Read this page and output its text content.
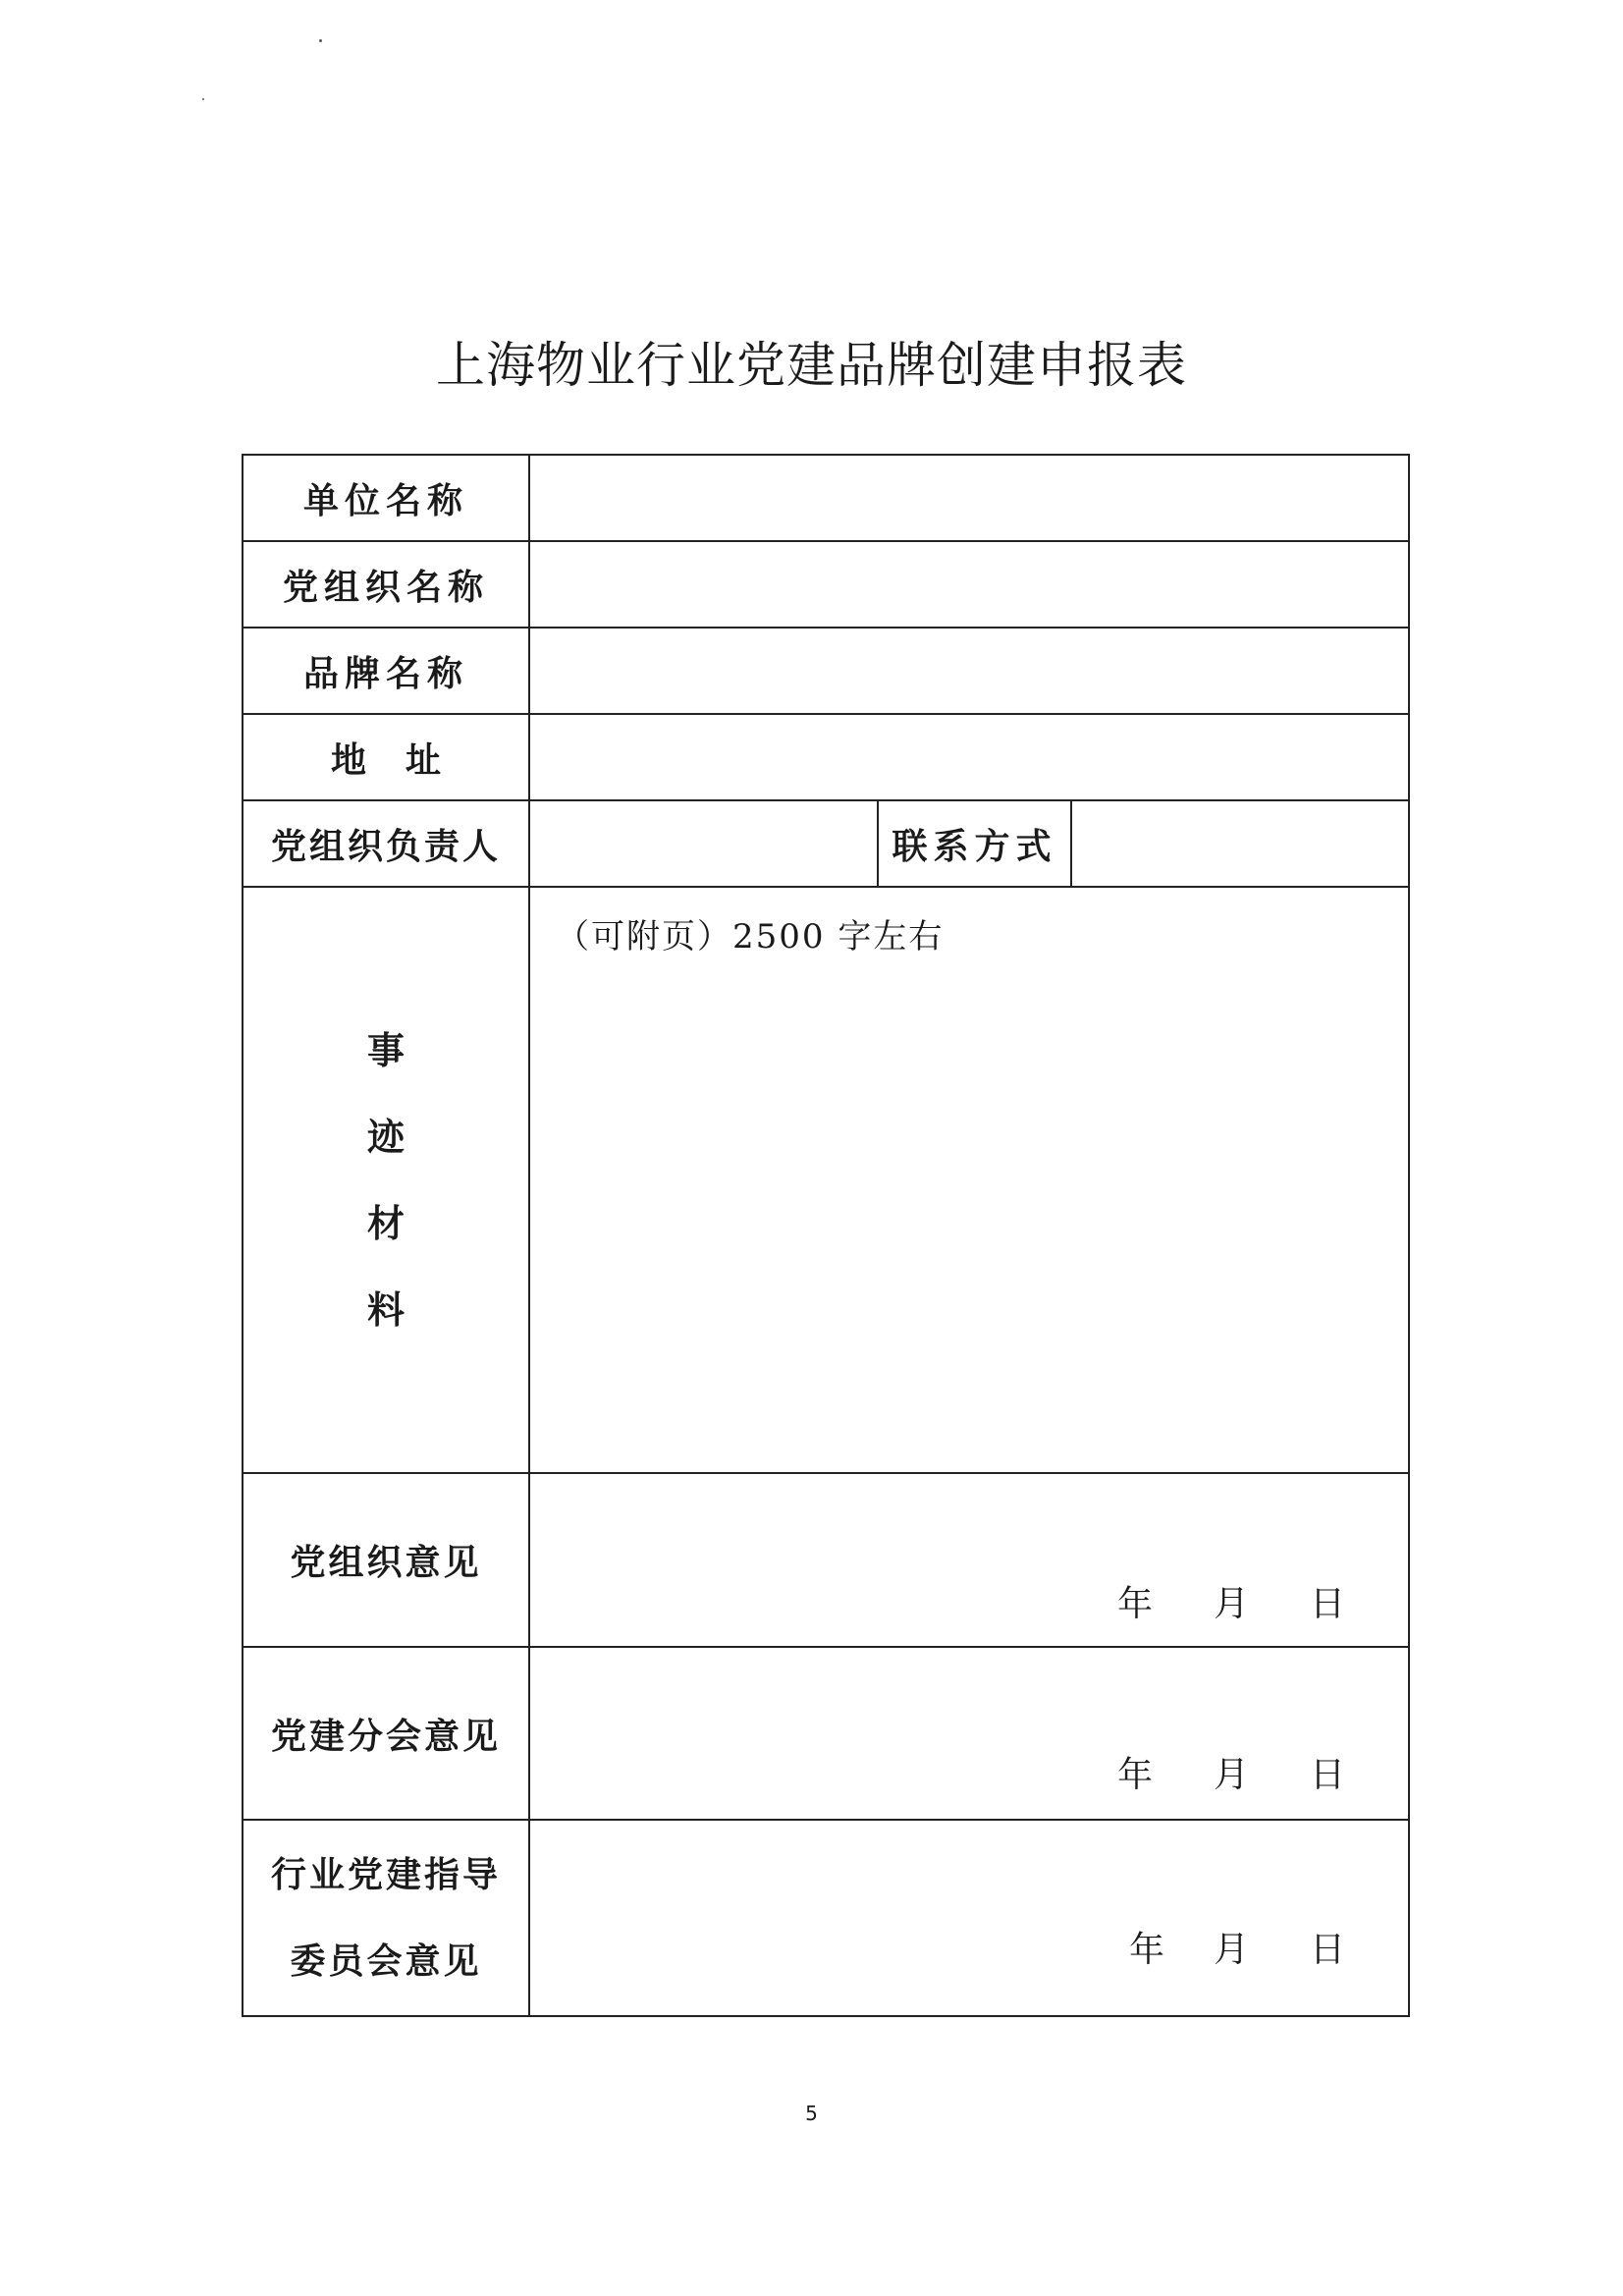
上海物业行业党建品牌创建申报表
单位名称			
党组织名称			
品牌名称			
地址			
党组织负责人		联系方式	

事
迹
材
料	（可附页）2500 字左右		
党组织意见	年 月 日		

党建分会意见	年 月 日		

行业党建指导
委员会意见	年 月 日		
5
